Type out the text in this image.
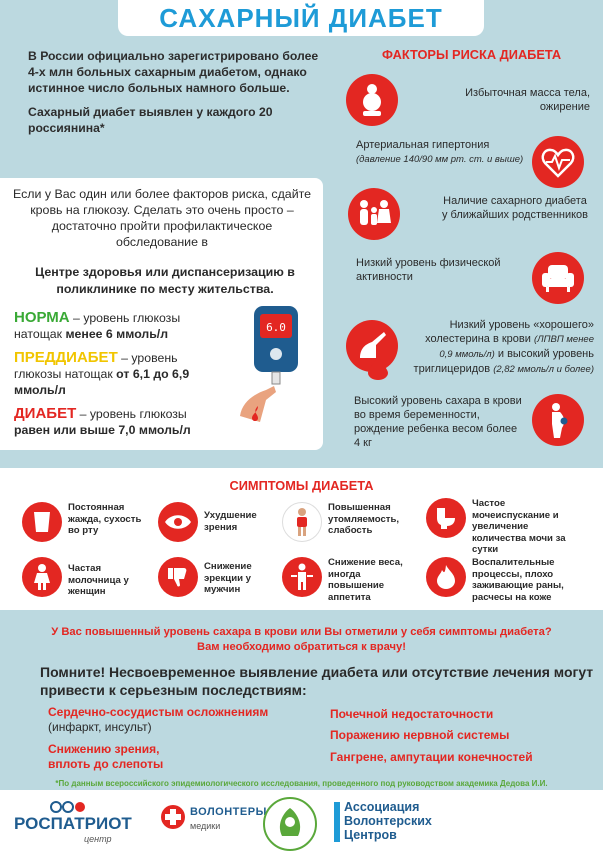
САХАРНЫЙ ДИАБЕТ

В России официально зарегистрировано более 4-х млн больных сахарным диабетом, однако истинное число больных намного больше.

Сахарный диабет выявлен у каждого 20 россиянина*

Если у Вас один или более факторов риска, сдайте кровь на глюкозу. Сделать это очень просто – достаточно пройти профилактическое обследование в
Центре здоровья или диспансеризацию в поликлинике по месту жительства.
НОРМА – уровень глюкозы натощак менее 6 ммоль/л
ПРЕДДИАБЕТ – уровень глюкозы натощак от 6,1 до 6,9 ммоль/л
ДИАБЕТ – уровень глюкозы равен или выше 7,0 ммоль/л
6.0
ФАКТОРЫ РИСКА ДИАБЕТА
Избыточная масса тела, ожирение
Артериальная гипертония
(давление 140/90 мм рт. ст. и выше)
Наличие сахарного диабета у ближайших родственников
Низкий уровень физической активности
Низкий уровень «хорошего» холестерина в крови (ЛПВП менее 0,9 ммоль/л) и высокий уровень триглицеридов (2,82 ммоль/л и более)
Высокий уровень сахара в крови во время беременности, рождение ребенка весом более 4 кг
СИМПТОМЫ ДИАБЕТА
Постоянная жажда, сухость во рту
Ухудшение зрения
Повышенная утомляемость, слабость
Частое мочеиспускание и увеличение количества мочи за сутки
Частая молочница у женщин
Снижение эрекции у мужчин
Снижение веса, иногда повышение аппетита
Воспалительные процессы, плохо заживающие раны, расчесы на коже
У Вас повышенный уровень сахара в крови или Вы отметили у себя симптомы диабета?
Вам необходимо обратиться к врачу!
Помните! Несвоевременное выявление диабета или отсутствие лечения могут привести к серьезным последствиям:
Сердечно-сосудистым осложнениям (инфаркт, инсульт)
Снижению зрения, вплоть до слепоты
Почечной недостаточности
Поражению нервной системы
Гангрене, ампутации конечностей
*По данным всероссийского эпидемиологического исследования, проведенного под руководством академика Дедова И.И.
РОСПАТРИОТ
центр
ВОЛОНТЕРЫ
медики
Ассоциация Волонтерских Центров
